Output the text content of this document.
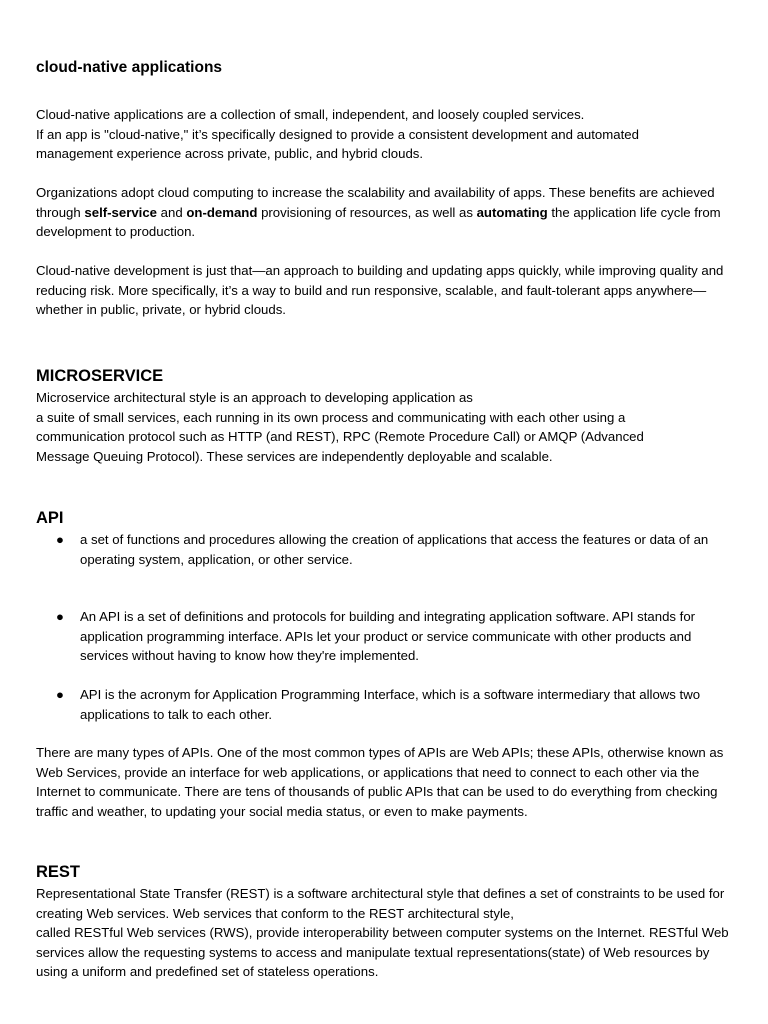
cloud-native applications
Cloud-native applications are a collection of small, independent, and loosely coupled services.
If an app is "cloud-native," it’s specifically designed to provide a consistent development and automated management experience across private, public, and hybrid clouds.
Organizations adopt cloud computing to increase the scalability and availability of apps. These benefits are achieved through self-service and on-demand provisioning of resources, as well as automating the application life cycle from development to production.

Cloud-native development is just that—an approach to building and updating apps quickly, while improving quality and reducing risk. More specifically, it’s a way to build and run responsive, scalable, and fault-tolerant apps anywhere—whether in public, private, or hybrid clouds.

MICROSERVICE
Microservice architectural style is an approach to developing application as
a suite of small services, each running in its own process and communicating with each other using a communication protocol such as HTTP (and REST), RPC (Remote Procedure Call) or AMQP (Advanced Message Queuing Protocol). These services are independently deployable and scalable.
API
●	a set of functions and procedures allowing the creation of applications that access the features or data of an operating system, application, or other service.
●	An API is a set of definitions and protocols for building and integrating application software. API stands for application programming interface. APIs let your product or service communicate with other products and services without having to know how they're implemented.
●	API is the acronym for Application Programming Interface, which is a software intermediary that allows two applications to talk to each other.

There are many types of APIs. One of the most common types of APIs are Web APIs; these APIs, otherwise known as Web Services, provide an interface for web applications, or applications that need to connect to each other via the Internet to communicate. There are tens of thousands of public APIs that can be used to do everything from checking traffic and weather, to updating your social media status, or even to make payments.

REST
Representational State Transfer (REST) is a software architectural style that defines a set of constraints to be used for creating Web services. Web services that conform to the REST architectural style,
called RESTful Web services (RWS), provide interoperability between computer systems on the Internet. RESTful Web services allow the requesting systems to access and manipulate textual representations(state) of Web resources by using a uniform and predefined set of stateless operations.
